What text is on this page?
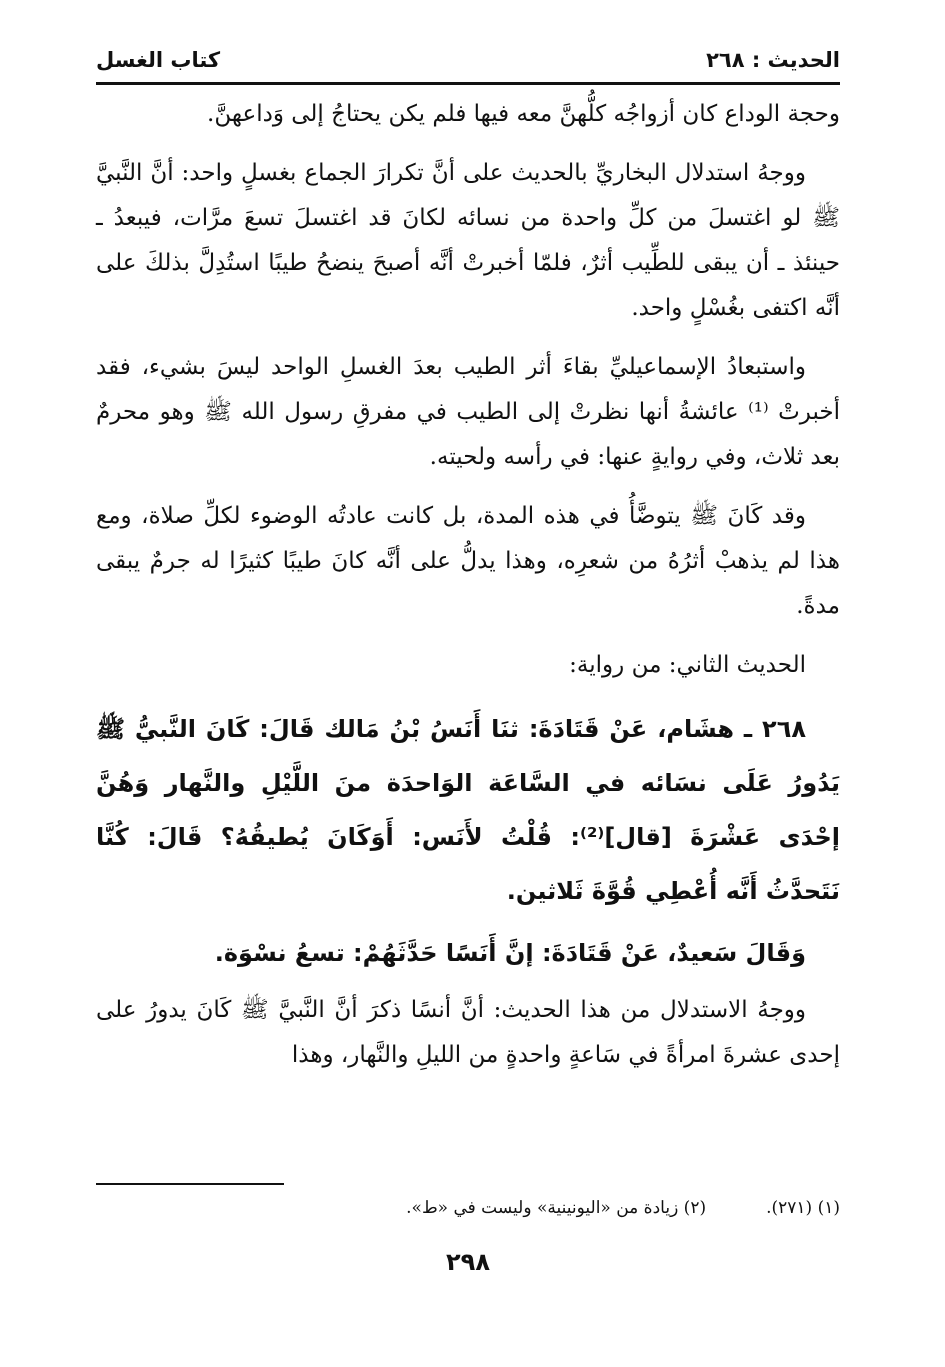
الحديث : ٢٦٨
كتاب الغسل

وحجة الوداع كان أزواجُه كلُّهنَّ معه فيها فلم يكن يحتاجُ إلى وَداعهنَّ.

ووجهُ استدلال البخاريِّ بالحديث على أنَّ تكرارَ الجماع بغسلٍ واحد: أنَّ النَّبيَّ ﷺ لو اغتسلَ من كلِّ واحدة من نسائه لكانَ قد اغتسلَ تسعَ مرَّات، فيبعدُ ـ حينئذ ـ أن يبقى للطِّيب أثرٌ، فلمّا أخبرتْ أنَّه أصبحَ ينضحُ طيبًا استُدِلَّ بذلكَ على أنَّه اكتفى بغُسْلٍ واحد.

واستبعادُ الإسماعيليِّ بقاءَ أثر الطيب بعدَ الغسلِ الواحد ليسَ بشيء، فقد أخبرتْ ⁽¹⁾ عائشةُ أنها نظرتْ إلى الطيب في مفرقِ رسول الله ﷺ وهو محرمٌ بعد ثلاث، وفي روايةٍ عنها: في رأسه ولحيته.

وقد كَانَ ﷺ يتوضَّأُ في هذه المدة، بل كانت عادتُه الوضوء لكلِّ صلاة، ومع هذا لم يذهبْ أثرُهُ من شعرِه، وهذا يدلُّ على أنَّه كانَ طيبًا كثيرًا له جرمٌ يبقى مدةً.

الحديث الثاني: من رواية:

٢٦٨ ـ هشَام، عَنْ قَتَادَةَ: ثنَا أَنَسُ بْنُ مَالك قَالَ: كَانَ النَّبيُّ ﷺ يَدُورُ عَلَى نسَائه في السَّاعَة الوَاحدَة منَ اللَّيْلِ والنَّهار وَهُنَّ إحْدَى عَشْرَةَ [قال]⁽²⁾: قُلْتُ لأَنَس: أَوَكَانَ يُطيقُهُ؟ قَالَ: كُنَّا نَتَحدَّثُ أَنَّه أُعْطِي قُوَّةَ ثَلاثين.

وَقَالَ سَعيدٌ، عَنْ قَتَادَةَ: إنَّ أَنَسًا حَدَّثَهُمْ: تسعُ نسْوَة.

ووجهُ الاستدلال من هذا الحديث: أنَّ أنسًا ذكرَ أنَّ النَّبيَّ ﷺ كَانَ يدورُ على إحدى عشرةَ امرأةً في سَاعةٍ واحدةٍ من الليلِ والنَّهار، وهذا

(١) (٢٧١).
(٢) زيادة من «اليونينية» وليست في «ط».
٢٩٨
